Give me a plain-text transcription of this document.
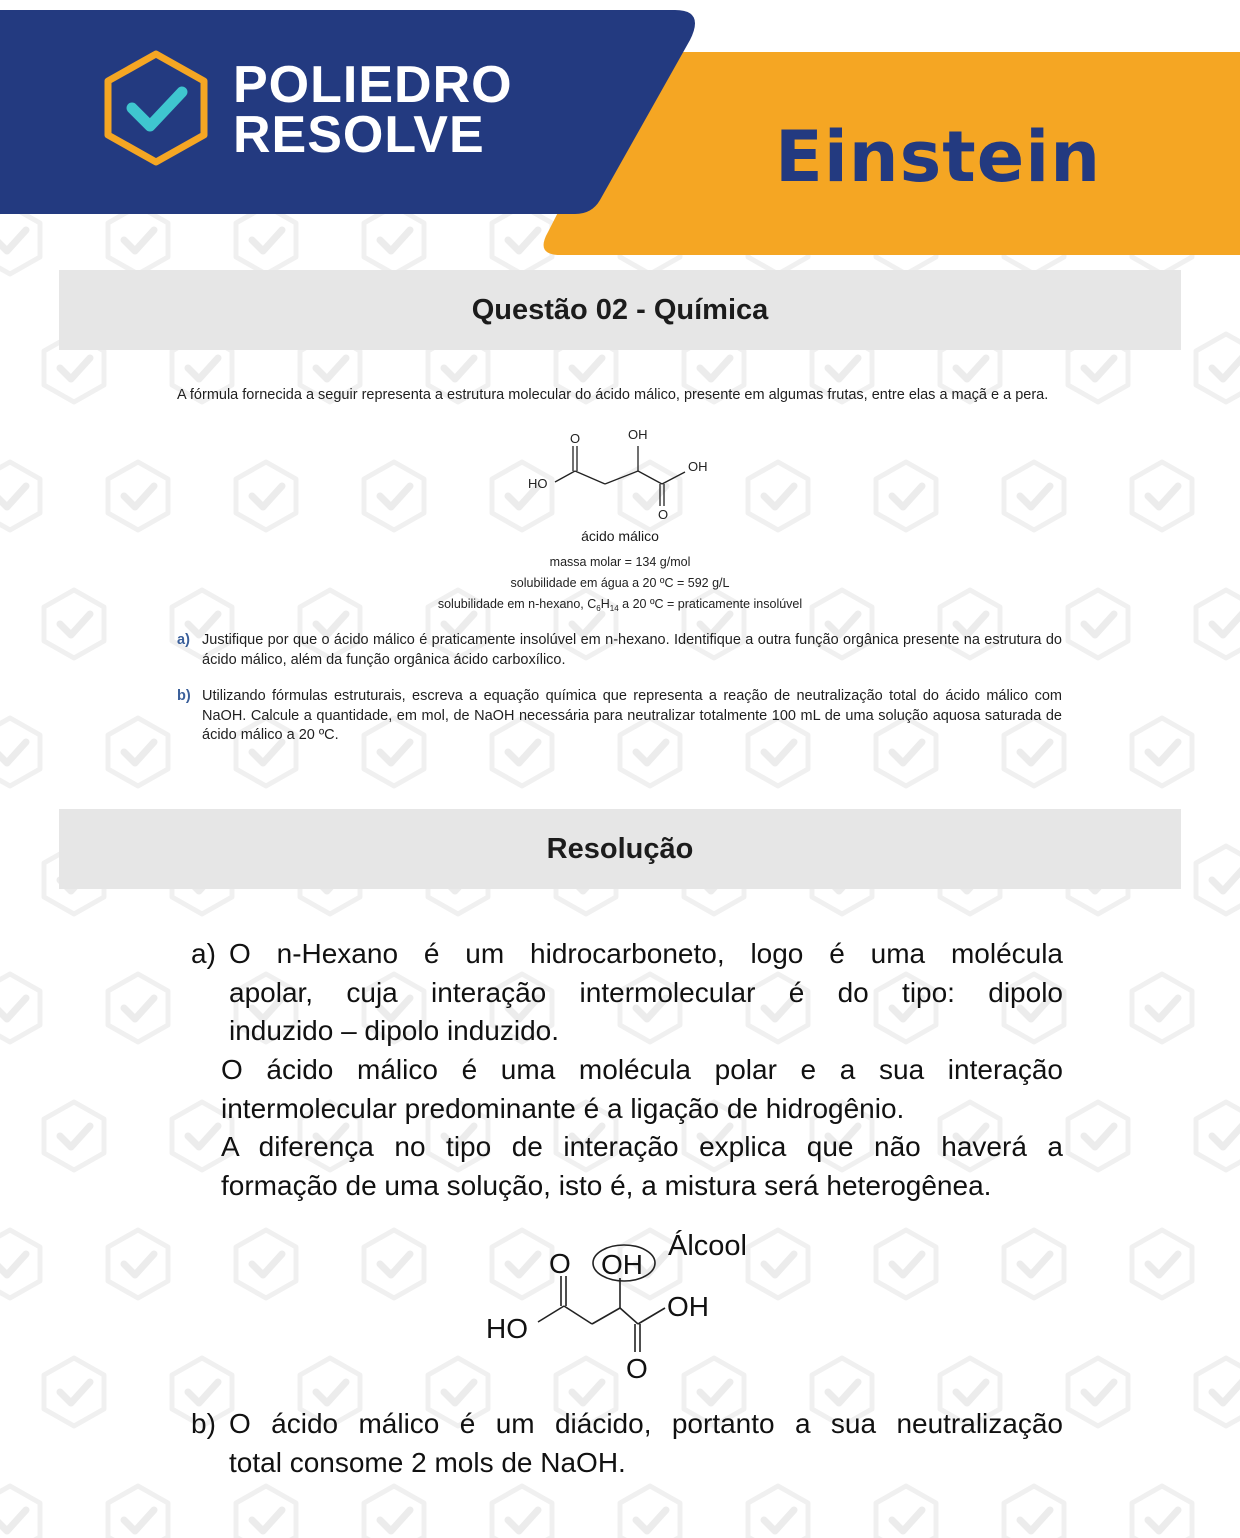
POLIEDRO
RESOLVE	Einstein
Questão 02 - Química
A fórmula fornecida a seguir representa a estrutura molecular do ácido málico, presente em algumas frutas, entre elas a maçã e a pera.
O	OH
OH
HO
O
ácido málico
massa molar = 134 g/mol
solubilidade em água a 20 ºC = 592 g/L
solubilidade em n-hexano, $C_6H_{14}$ a 20 ºC = praticamente insolúvel
a) Justifique por que o ácido málico é praticamente insolúvel em n-hexano. Identifique a outra função orgânica presente na estrutura do ácido málico, além da função orgânica ácido carboxílico.
b) Utilizando fórmulas estruturais, escreva a equação química que representa a reação de neutralização total do ácido málico com NaOH. Calcule a quantidade, em mol, de NaOH necessária para neutralizar totalmente 100 mL de uma solução aquosa saturada de ácido málico a 20 ºC.
Resolução
a) O n-Hexano é um hidrocarboneto, logo é uma molécula
apolar, cuja interação intermolecular é do tipo: dipolo
induzido – dipolo induzido.
O ácido málico é uma molécula polar e a sua interação
intermolecular predominante é a ligação de hidrogênio.
A diferença no tipo de interação explica que não haverá a
formação de uma solução, isto é, a mistura será heterogênea.
O OH
OH
HO
O
Álcool
b) O ácido málico é um diácido, portanto a sua neutralização
total consome 2 mols de NaOH.
